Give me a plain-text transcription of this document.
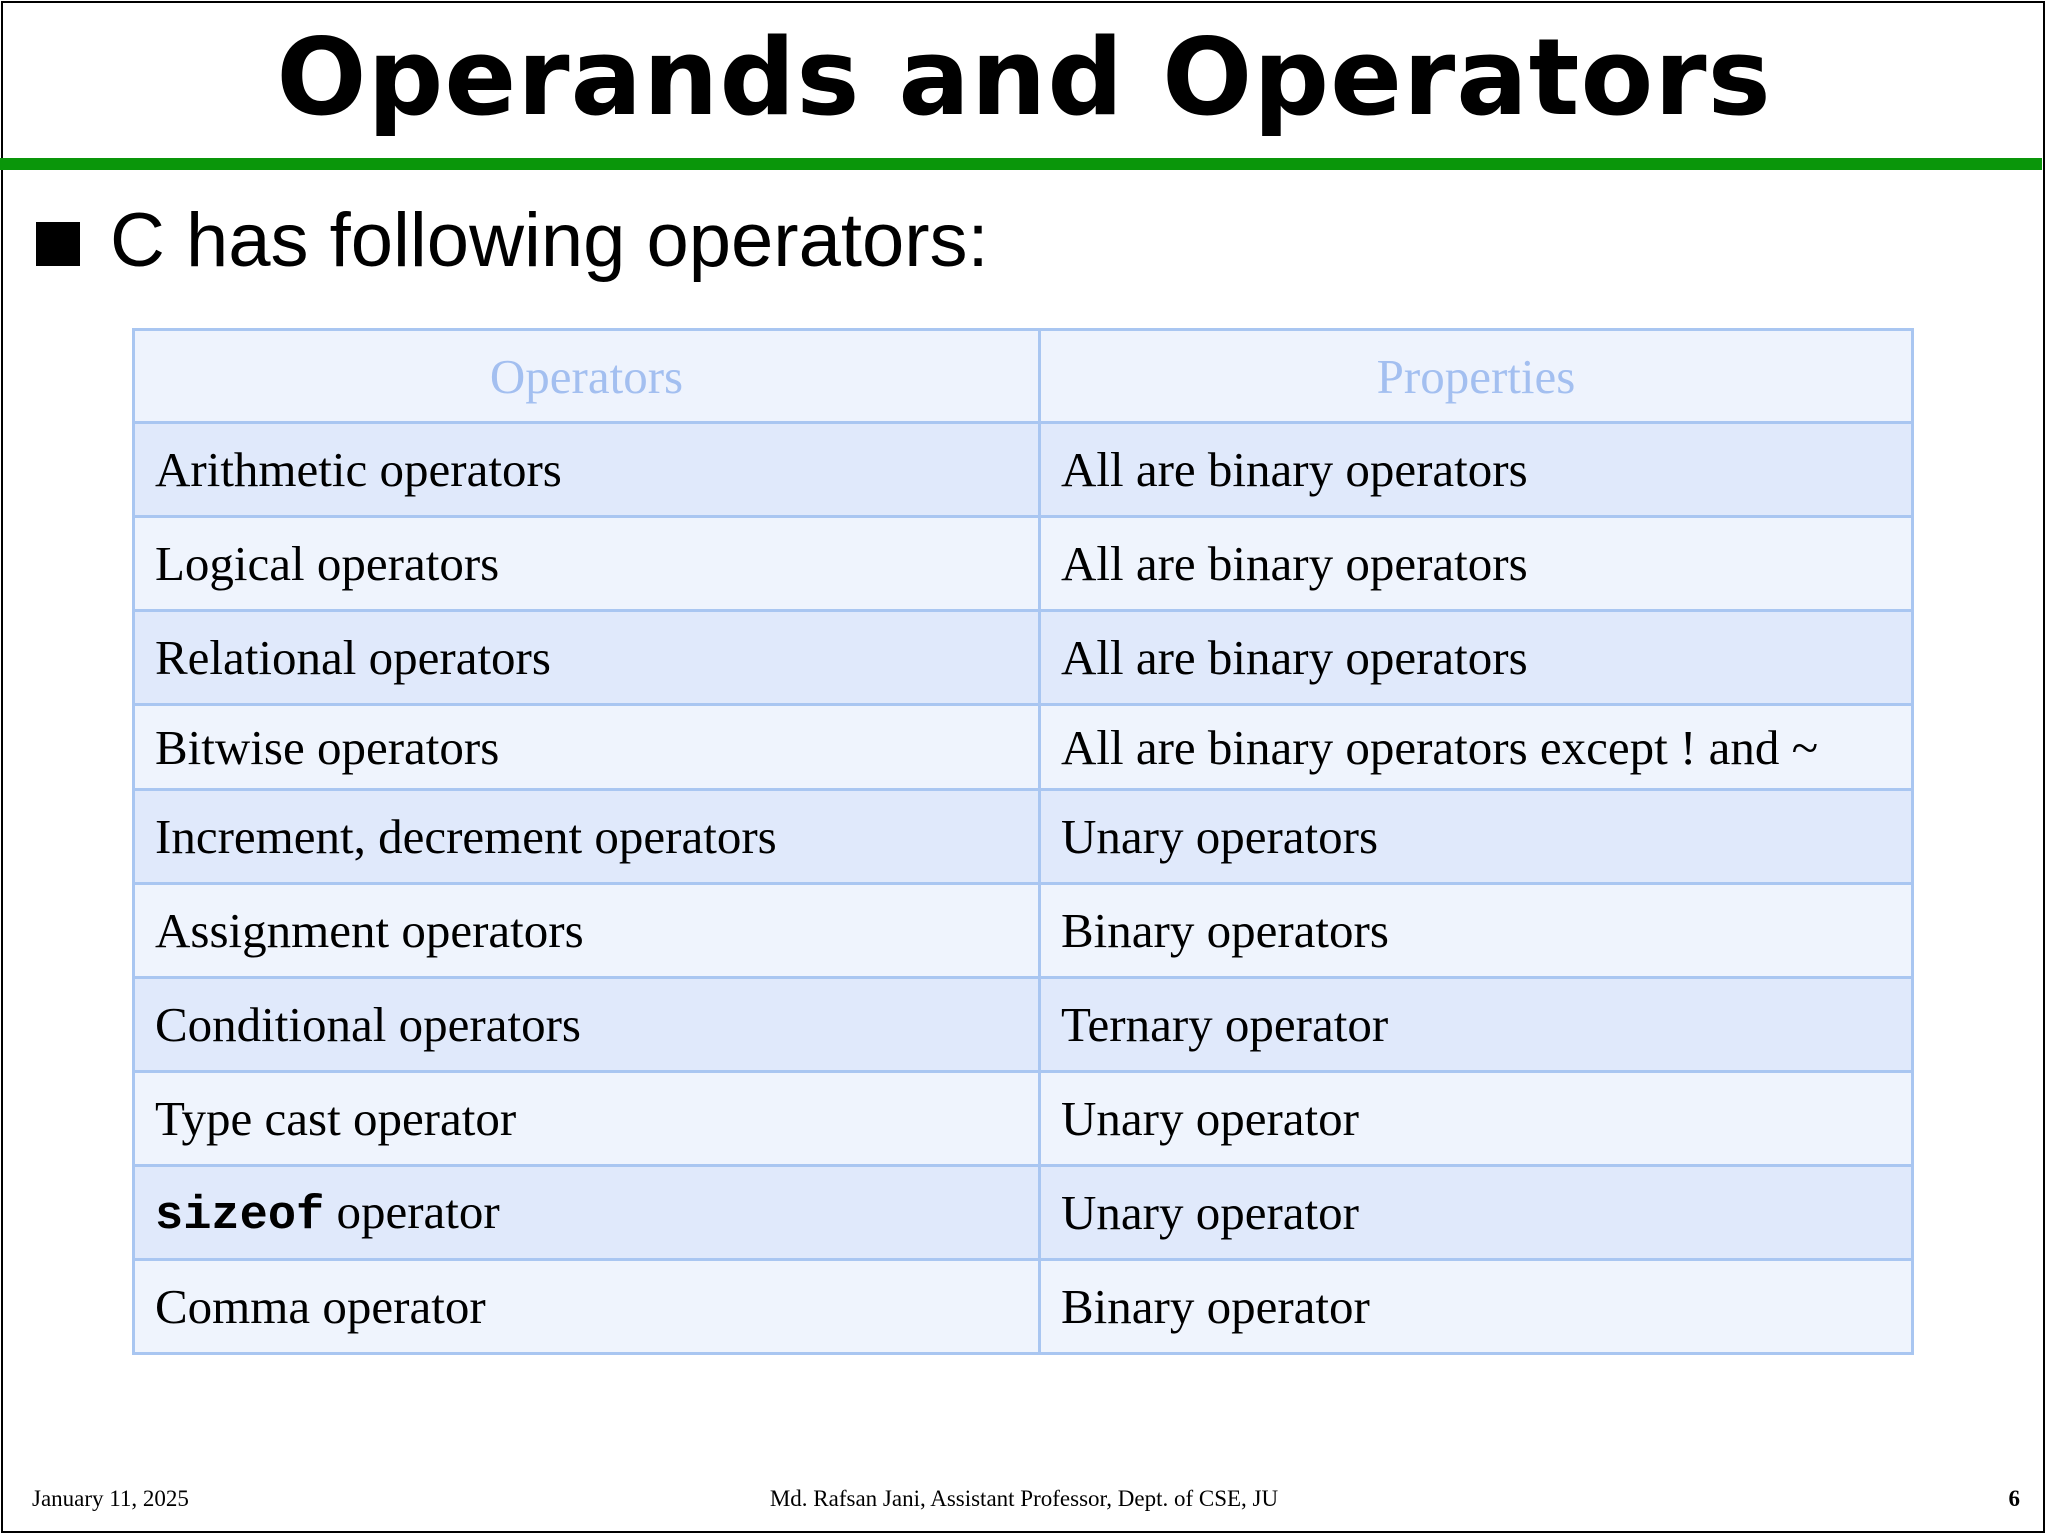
Operands and Operators
C has following operators:
Operators	Properties
Arithmetic operators	All are binary operators
Logical operators	All are binary operators
Relational operators	All are binary operators
Bitwise operators	All are binary operators except ! and ~
Increment, decrement operators	Unary operators
Assignment operators	Binary operators
Conditional operators	Ternary operator
Type cast operator	Unary operator
sizeof operator	Unary operator
Comma operator	Binary operator
January 11, 2025	Md. Rafsan Jani, Assistant Professor, Dept. of CSE, JU	6
